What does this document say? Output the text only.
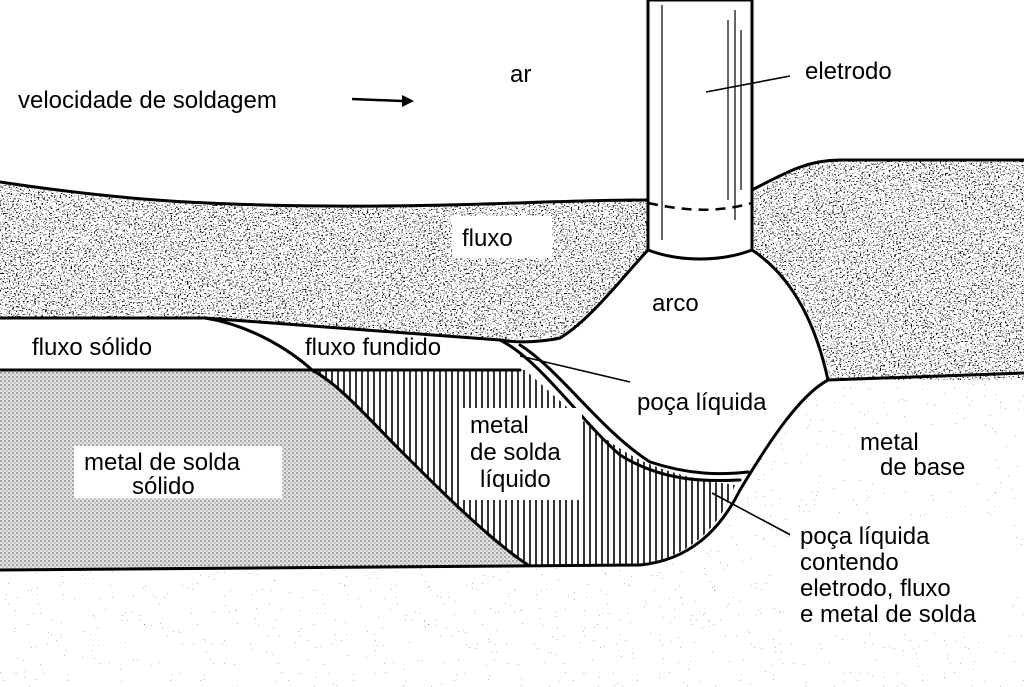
ar	eletrodo
velocidade de soldagem
fluxo
arco
fluxo sólido	fluxo fundido
poça líquida
metal de solda líquido
metal de solda sólido
metal de base
poça líquida contendo eletrodo, fluxo e metal de solda
